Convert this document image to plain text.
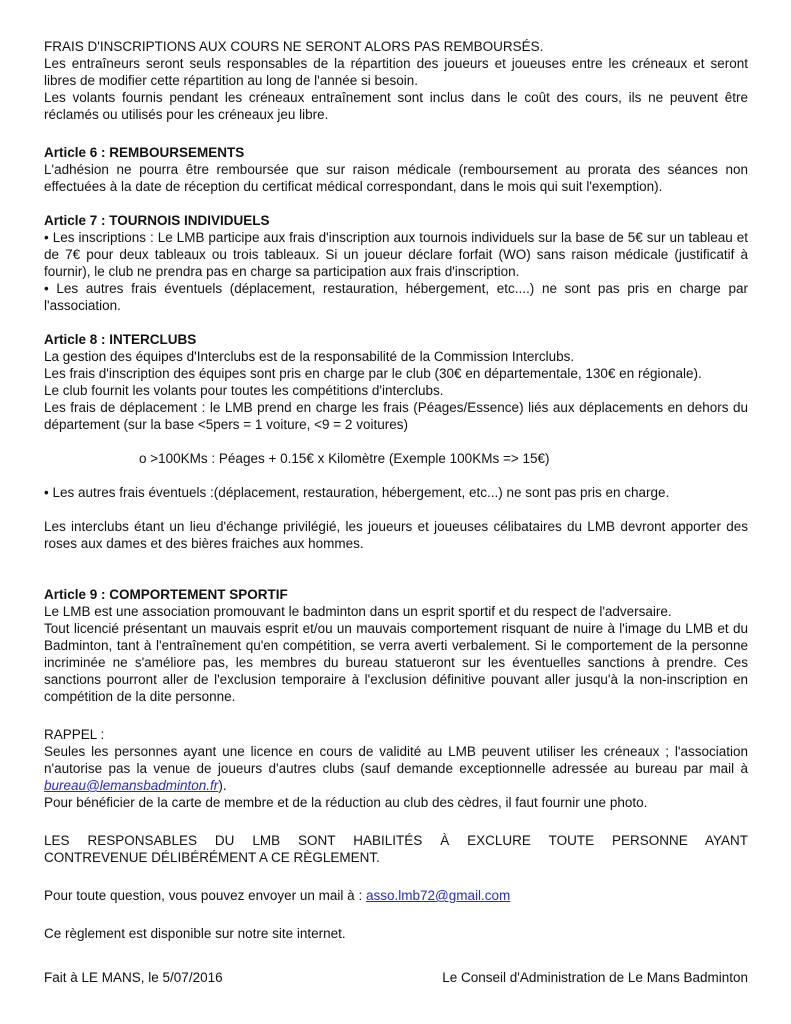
FRAIS D'INSCRIPTIONS AUX COURS NE SERONT ALORS PAS REMBOURSÉS.

Les entraîneurs seront seuls responsables de la répartition des joueurs et joueuses entre les créneaux et seront libres de modifier cette répartition au long de l'année si besoin.

Les volants fournis pendant les créneaux entraînement sont inclus dans le coût des cours, ils ne peuvent être réclamés ou utilisés pour les créneaux jeu libre.

Article 6 : REMBOURSEMENTS

L'adhésion ne pourra être remboursée que sur raison médicale (remboursement au prorata des séances non effectuées à la date de réception du certificat médical correspondant, dans le mois qui suit l'exemption).

Article 7 : TOURNOIS INDIVIDUELS

• Les inscriptions : Le LMB participe aux frais d'inscription aux tournois individuels sur la base de 5€ sur un tableau et de 7€ pour deux tableaux ou trois tableaux. Si un joueur déclare forfait (WO) sans raison médicale (justificatif à fournir), le club ne prendra pas en charge sa participation aux frais d'inscription.

• Les autres frais éventuels (déplacement, restauration, hébergement, etc....) ne sont pas pris en charge par l'association.

Article 8 : INTERCLUBS

La gestion des équipes d'Interclubs est de la responsabilité de la Commission Interclubs.

Les frais d'inscription des équipes sont pris en charge par le club (30€ en départementale, 130€ en régionale).

Le club fournit les volants pour toutes les compétitions d'interclubs.

Les frais de déplacement : le LMB prend en charge les frais (Péages/Essence) liés aux déplacements en dehors du département (sur la base <5pers = 1 voiture, <9 = 2 voitures)

o >100KMs : Péages + 0.15€ x Kilomètre (Exemple 100KMs => 15€)

• Les autres frais éventuels :(déplacement, restauration, hébergement, etc...) ne sont pas pris en charge.

Les interclubs étant un lieu d'échange privilégié, les joueurs et joueuses célibataires du LMB devront apporter des roses aux dames et des bières fraiches aux hommes.

Article 9 : COMPORTEMENT SPORTIF

Le LMB est une association promouvant le badminton dans un esprit sportif et du respect de l'adversaire.

Tout licencié présentant un mauvais esprit et/ou un mauvais comportement risquant de nuire à l'image du LMB et du Badminton, tant à l'entraînement qu'en compétition, se verra averti verbalement. Si le comportement de la personne incriminée ne s'améliore pas, les membres du bureau statueront sur les éventuelles sanctions à prendre. Ces sanctions pourront aller de l'exclusion temporaire à l'exclusion définitive pouvant aller jusqu'à la non-inscription en compétition de la dite personne.

RAPPEL :

Seules les personnes ayant une licence en cours de validité au LMB peuvent utiliser les créneaux ; l'association n'autorise pas la venue de joueurs d'autres clubs (sauf demande exceptionnelle adressée au bureau par mail à bureau@lemansbadminton.fr).

Pour bénéficier de la carte de membre et de la réduction au club des cèdres, il faut fournir une photo.

LES RESPONSABLES DU LMB SONT HABILITÉS À EXCLURE TOUTE PERSONNE AYANT
CONTREVENUE DÉLIBÉRÉMENT A CE RÈGLEMENT.

Pour toute question, vous pouvez envoyer un mail à : asso.lmb72@gmail.com

Ce règlement est disponible sur notre site internet.

Fait à LE MANS, le 5/07/2016	Le Conseil d'Administration de Le Mans Badminton
